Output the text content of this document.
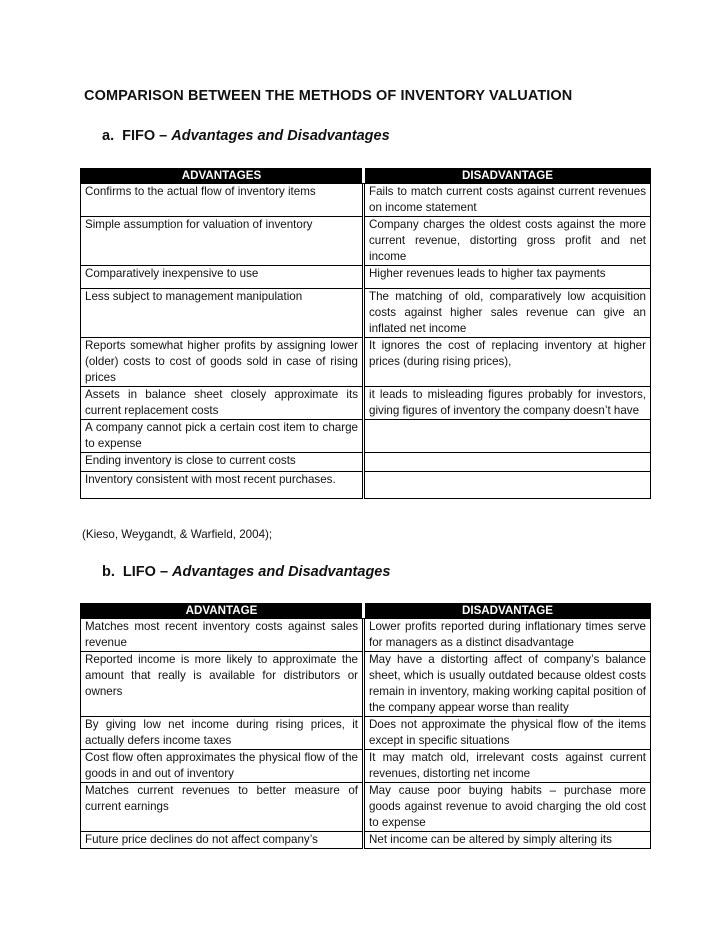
COMPARISON BETWEEN THE METHODS OF INVENTORY VALUATION
a. FIFO – Advantages and Disadvantages
ADVANTAGES	DISADVANTAGE
Confirms to the actual flow of inventory items	Fails to match current costs against current revenues on income statement
Simple assumption for valuation of inventory	Company charges the oldest costs against the more current revenue, distorting gross profit and net income
Comparatively inexpensive to use	Higher revenues leads to higher tax payments
Less subject to management manipulation	The matching of old, comparatively low acquisition costs against higher sales revenue can give an inflated net income
Reports somewhat higher profits by assigning lower (older) costs to cost of goods sold in case of rising prices	It ignores the cost of replacing inventory at higher prices (during rising prices),
Assets in balance sheet closely approximate its current replacement costs	it leads to misleading figures probably for investors, giving figures of inventory the company doesn’t have
A company cannot pick a certain cost item to charge to expense	
Ending inventory is close to current costs	
Inventory consistent with most recent purchases.	
(Kieso, Weygandt, & Warfield, 2004);
b. LIFO – Advantages and Disadvantages
ADVANTAGE	DISADVANTAGE
Matches most recent inventory costs against sales revenue	Lower profits reported during inflationary times serve for managers as a distinct disadvantage
Reported income is more likely to approximate the amount that really is available for distributors or owners	May have a distorting affect of company’s balance sheet, which is usually outdated because oldest costs remain in inventory, making working capital position of the company appear worse than reality
By giving low net income during rising prices, it actually defers income taxes	Does not approximate the physical flow of the items except in specific situations
Cost flow often approximates the physical flow of the goods in and out of inventory	It may match old, irrelevant costs against current revenues, distorting net income
Matches current revenues to better measure of current earnings	May cause poor buying habits – purchase more goods against revenue to avoid charging the old cost to expense
Future price declines do not affect company’s	Net income can be altered by simply altering its
